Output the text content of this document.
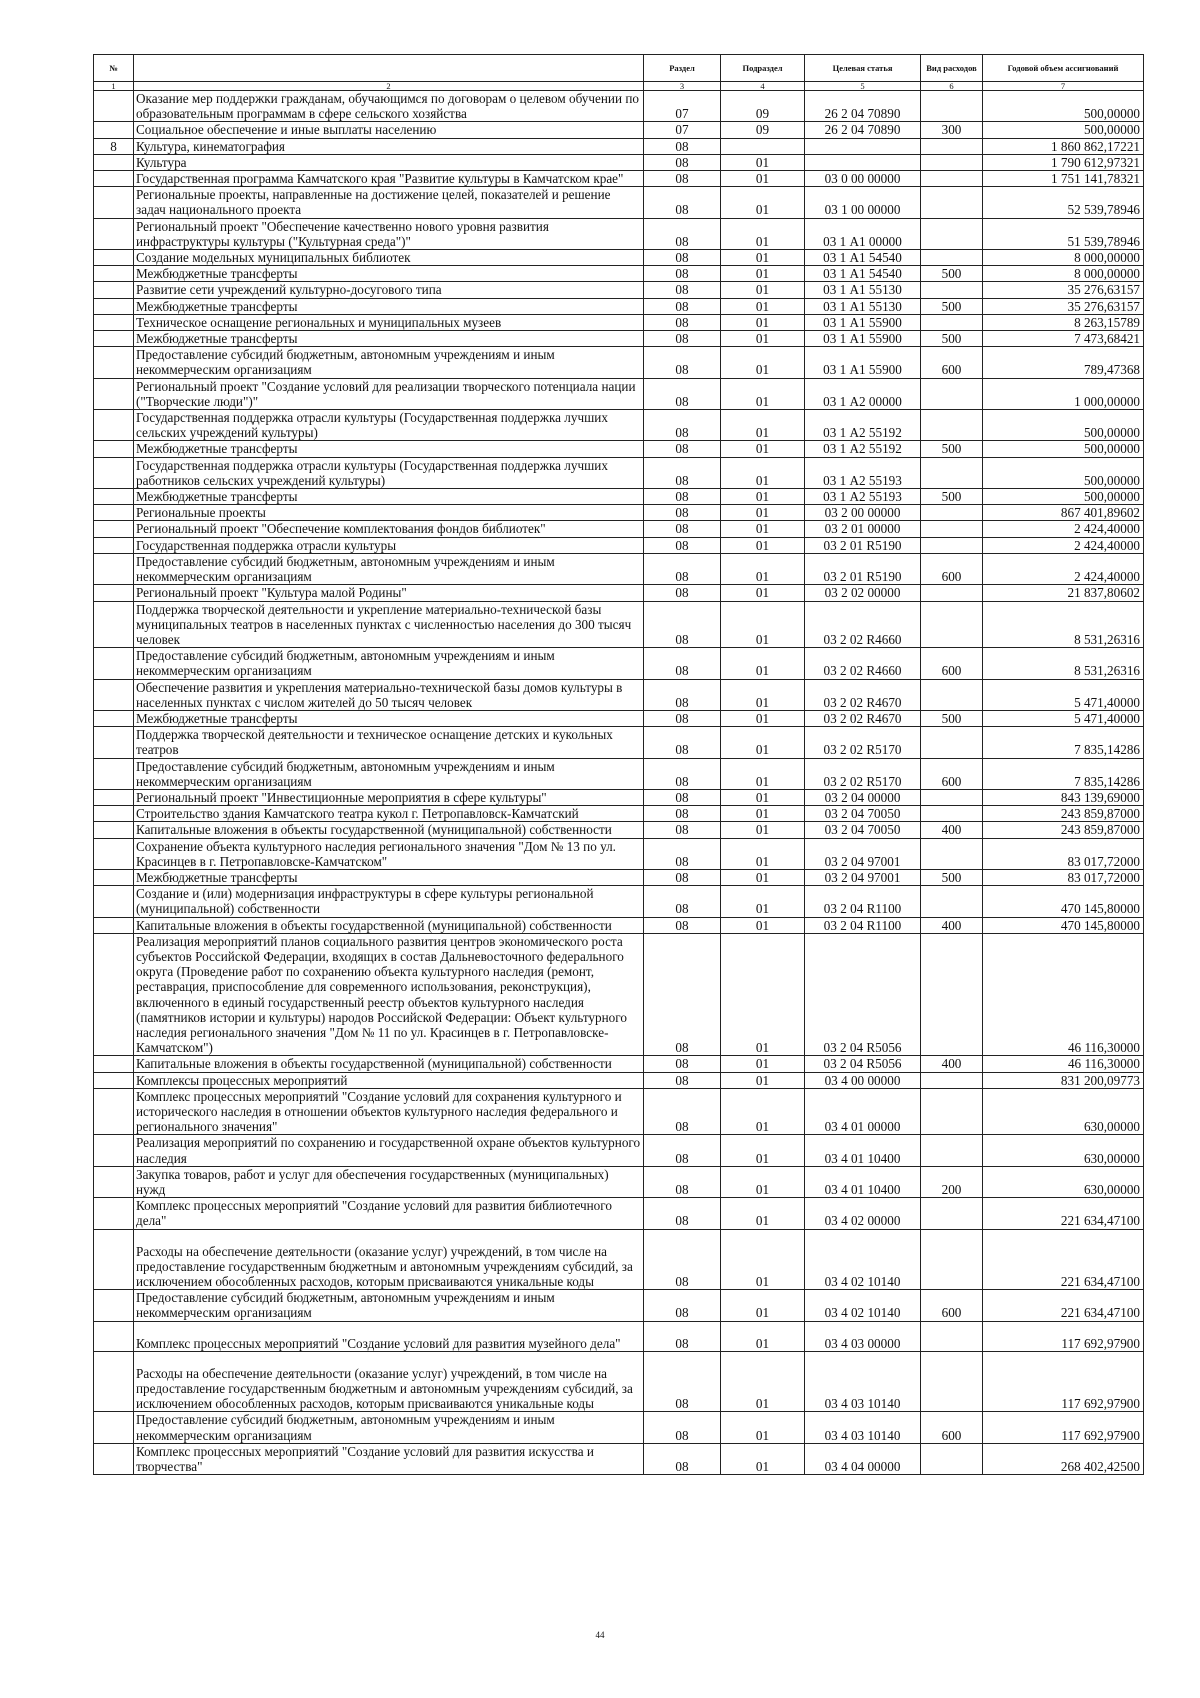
№		Раздел	Подраздел	Целевая статья	Вид расходов	Годовой объем ассигнований
1	2	3	4	5	6	7
	Оказание мер поддержки гражданам, обучающимся по договорам о целевом обучении по образовательным программам в сфере сельского хозяйства	07	09	26 2 04 70890		500,00000
	Социальное обеспечение и иные выплаты населению	07	09	26 2 04 70890	300	500,00000
8	Культура, кинематография	08				1 860 862,17221
	Культура	08	01			1 790 612,97321
	Государственная программа Камчатского края "Развитие культуры в Камчатском крае"	08	01	03 0 00 00000		1 751 141,78321
	Региональные проекты, направленные на достижение целей, показателей и решение задач национального проекта	08	01	03 1 00 00000		52 539,78946
	Региональный проект "Обеспечение качественно нового уровня развития инфраструктуры культуры ("Культурная среда")"	08	01	03 1 А1 00000		51 539,78946
	Создание модельных муниципальных библиотек	08	01	03 1 А1 54540		8 000,00000
	Межбюджетные трансферты	08	01	03 1 А1 54540	500	8 000,00000
	Развитие сети учреждений культурно-досугового типа	08	01	03 1 А1 55130		35 276,63157
	Межбюджетные трансферты	08	01	03 1 А1 55130	500	35 276,63157
	Техническое оснащение региональных и муниципальных музеев	08	01	03 1 А1 55900		8 263,15789
	Межбюджетные трансферты	08	01	03 1 А1 55900	500	7 473,68421
	Предоставление субсидий бюджетным, автономным учреждениям и иным некоммерческим организациям	08	01	03 1 А1 55900	600	789,47368
	Региональный проект "Создание условий для реализации творческого потенциала нации ("Творческие люди")"	08	01	03 1 А2 00000		1 000,00000
	Государственная поддержка отрасли культуры (Государственная поддержка лучших сельских учреждений культуры)	08	01	03 1 А2 55192		500,00000
	Межбюджетные трансферты	08	01	03 1 А2 55192	500	500,00000
	Государственная поддержка отрасли культуры (Государственная поддержка лучших работников сельских учреждений культуры)	08	01	03 1 А2 55193		500,00000
	Межбюджетные трансферты	08	01	03 1 А2 55193	500	500,00000
	Региональные проекты	08	01	03 2 00 00000		867 401,89602
	Региональный проект "Обеспечение комплектования фондов библиотек"	08	01	03 2 01 00000		2 424,40000
	Государственная поддержка отрасли культуры	08	01	03 2 01 R5190		2 424,40000
	Предоставление субсидий бюджетным, автономным учреждениям и иным некоммерческим организациям	08	01	03 2 01 R5190	600	2 424,40000
	Региональный проект "Культура малой Родины"	08	01	03 2 02 00000		21 837,80602
	Поддержка творческой деятельности и укрепление материально-технической базы муниципальных театров в населенных пунктах с численностью населения до 300 тысяч человек	08	01	03 2 02 R4660		8 531,26316
	Предоставление субсидий бюджетным, автономным учреждениям и иным некоммерческим организациям	08	01	03 2 02 R4660	600	8 531,26316
	Обеспечение развития и укрепления материально-технической базы домов культуры в населенных пунктах с числом жителей до 50 тысяч человек	08	01	03 2 02 R4670		5 471,40000
	Межбюджетные трансферты	08	01	03 2 02 R4670	500	5 471,40000
	Поддержка творческой деятельности и техническое оснащение детских и кукольных театров	08	01	03 2 02 R5170		7 835,14286
	Предоставление субсидий бюджетным, автономным учреждениям и иным некоммерческим организациям	08	01	03 2 02 R5170	600	7 835,14286
	Региональный проект "Инвестиционные мероприятия в сфере культуры"	08	01	03 2 04 00000		843 139,69000
	Строительство здания Камчатского театра кукол г. Петропавловск-Камчатский	08	01	03 2 04 70050		243 859,87000
	Капитальные вложения в объекты государственной (муниципальной) собственности	08	01	03 2 04 70050	400	243 859,87000
	Сохранение объекта культурного наследия регионального значения "Дом № 13 по ул. Красинцев в г. Петропавловске-Камчатском"	08	01	03 2 04 97001		83 017,72000
	Межбюджетные трансферты	08	01	03 2 04 97001	500	83 017,72000
	Создание и (или) модернизация инфраструктуры в сфере культуры региональной (муниципальной) собственности	08	01	03 2 04 R1100		470 145,80000
	Капитальные вложения в объекты государственной (муниципальной) собственности	08	01	03 2 04 R1100	400	470 145,80000
	Реализация мероприятий планов социального развития центров экономического роста субъектов Российской Федерации, входящих в состав Дальневосточного федерального округа (Проведение работ по сохранению объекта культурного наследия (ремонт, реставрация, приспособление для современного использования, реконструкция), включенного в единый государственный реестр объектов культурного наследия (памятников истории и культуры) народов Российской Федерации: Объект культурного наследия регионального значения "Дом № 11 по ул. Красинцев в г. Петропавловске-Камчатском")	08	01	03 2 04 R5056		46 116,30000
	Капитальные вложения в объекты государственной (муниципальной) собственности	08	01	03 2 04 R5056	400	46 116,30000
	Комплексы процессных мероприятий	08	01	03 4 00 00000		831 200,09773
	Комплекс процессных мероприятий "Создание условий для сохранения культурного и исторического наследия в отношении объектов культурного наследия федерального и регионального значения"	08	01	03 4 01 00000		630,00000
	Реализация мероприятий по сохранению и государственной охране объектов культурного наследия	08	01	03 4 01 10400		630,00000
	Закупка товаров, работ и услуг для обеспечения государственных (муниципальных) нужд	08	01	03 4 01 10400	200	630,00000
	Комплекс процессных мероприятий "Создание условий для развития библиотечного дела"	08	01	03 4 02 00000		221 634,47100
	Расходы на обеспечение деятельности (оказание услуг) учреждений, в том числе на предоставление государственным бюджетным и автономным учреждениям субсидий, за исключением обособленных расходов, которым присваиваются уникальные коды	08	01	03 4 02 10140		221 634,47100
	Предоставление субсидий бюджетным, автономным учреждениям и иным некоммерческим организациям	08	01	03 4 02 10140	600	221 634,47100
	Комплекс процессных мероприятий "Создание условий для развития музейного дела"	08	01	03 4 03 00000		117 692,97900
	Расходы на обеспечение деятельности (оказание услуг) учреждений, в том числе на предоставление государственным бюджетным и автономным учреждениям субсидий, за исключением обособленных расходов, которым присваиваются уникальные коды	08	01	03 4 03 10140		117 692,97900
	Предоставление субсидий бюджетным, автономным учреждениям и иным некоммерческим организациям	08	01	03 4 03 10140	600	117 692,97900
	Комплекс процессных мероприятий "Создание условий для развития искусства и творчества"	08	01	03 4 04 00000		268 402,42500
44
